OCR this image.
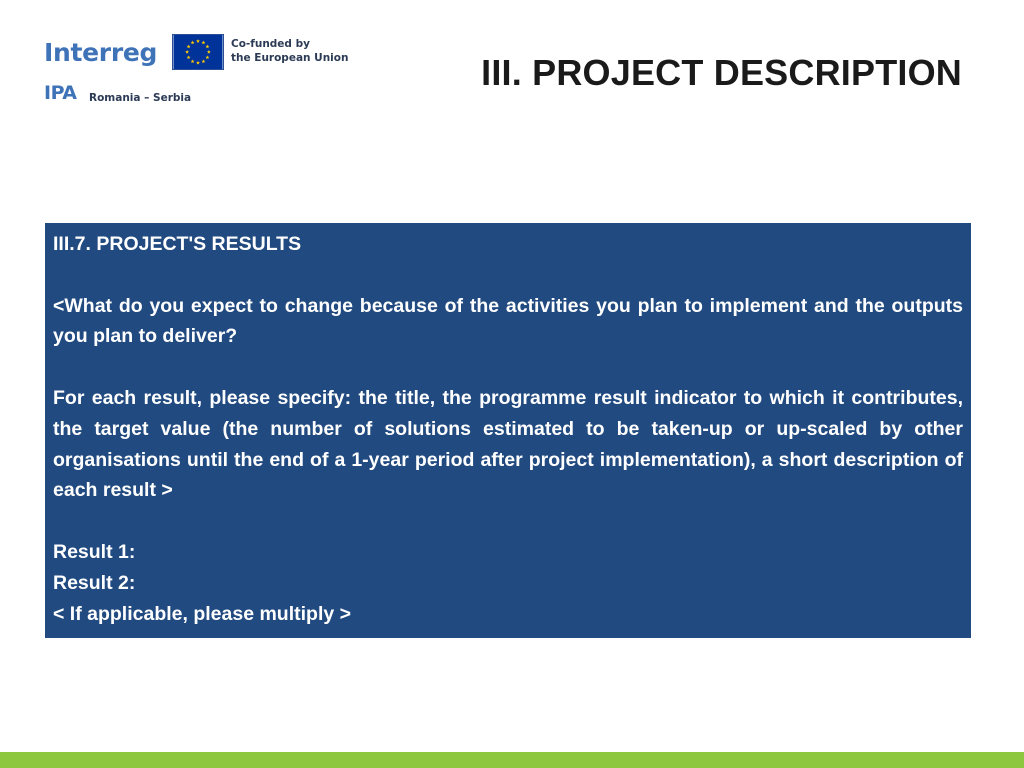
Interreg	Co-funded by
the European Union
IPA Romania – Serbia
III. PROJECT DESCRIPTION

III.7. PROJECT'S RESULTS

<What do you expect to change because of the activities you plan to implement and the outputs you plan to deliver?

For each result, please specify: the title, the programme result indicator to which it contributes, the target value (the number of solutions estimated to be taken-up or up-scaled by other organisations until the end of a 1-year period after project implementation), a short description of each result >

Result 1:

Result 2:

< If applicable, please multiply >
